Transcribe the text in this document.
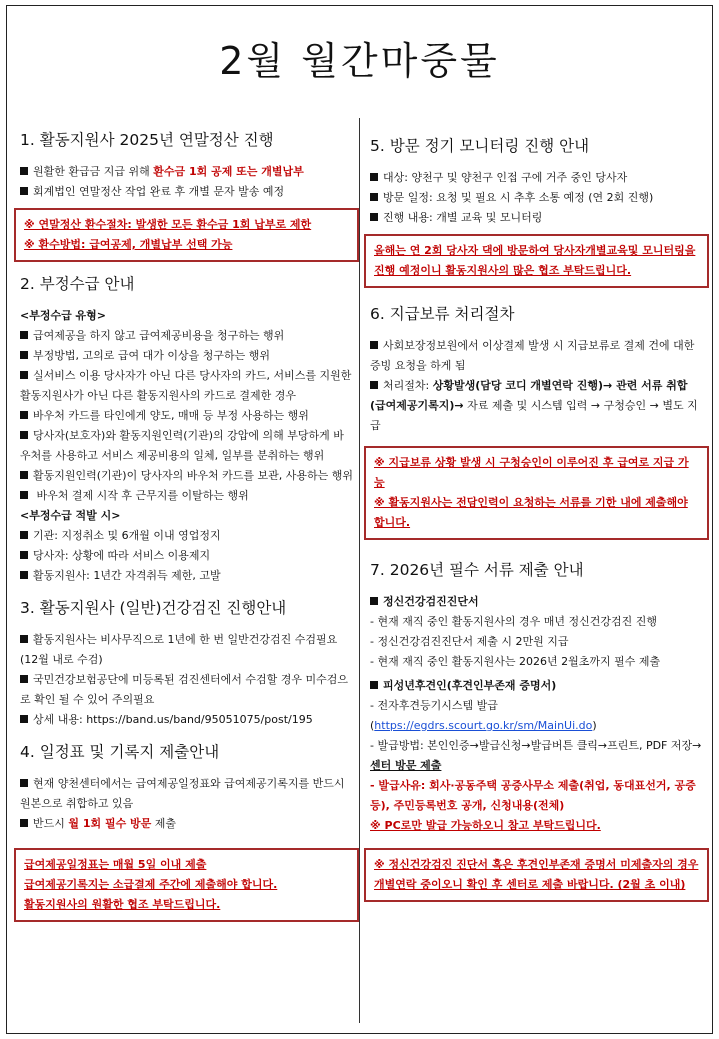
2월 월간마중물
1. 활동지원사 2025년 연말정산 진행
원활한 환급금 지급 위해 환수금 1회 공제 또는 개별납부
회계법인 연말정산 작업 완료 후 개별 문자 발송 예정
※ 연말정산 환수절차: 발생한 모든 환수금 1회 납부로 제한
※ 환수방법: 급여공제, 개별납부 선택 가능
2. 부정수급 안내
<부정수급 유형>
급여제공을 하지 않고 급여제공비용을 청구하는 행위
부정방법, 고의로 급여 대가 이상을 청구하는 행위
실서비스 이용 당사자가 아닌 다른 당사자의 카드, 서비스를 지원한 활동지원사가 아닌 다른 활동지원사의 카드로 결제한 경우
바우처 카드를 타인에게 양도, 매매 등 부정 사용하는 행위
당사자(보호자)와 활동지원인력(기관)의 강압에 의해 부당하게 바우처를 사용하고 서비스 제공비용의 일체, 일부를 분취하는 행위
활동지원인력(기관)이 당사자의 바우처 카드를 보관, 사용하는 행위
바우처 결제 시작 후 근무지를 이탈하는 행위
<부정수급 적발 시>
기관: 지정취소 및 6개월 이내 영업정지
당사자: 상황에 따라 서비스 이용제지
활동지원사: 1년간 자격취득 제한, 고발
3. 활동지원사 (일반)건강검진 진행안내
활동지원사는 비사무직으로 1년에 한 번 일반건강검진 수검필요(12월 내로 수검)
국민건강보험공단에 미등록된 검진센터에서 수검할 경우 미수검으로 확인 될 수 있어 주의필요
상세 내용: https://band.us/band/95051075/post/195
4. 일정표 및 기록지 제출안내
현재 양천센터에서는 급여제공일정표와 급여제공기록지를 반드시 원본으로 취합하고 있음
반드시 월 1회 필수 방문 제출
급여제공일정표는 매월 5일 이내 제출
급여제공기록지는 소급결제 주간에 제출해야 합니다.
활동지원사의 원활한 협조 부탁드립니다.
5. 방문 정기 모니터링 진행 안내
대상: 양천구 및 양천구 인접 구에 거주 중인 당사자
방문 일정: 요청 및 필요 시 추후 소통 예정 (연 2회 진행)
진행 내용: 개별 교육 및 모니터링
올해는 연 2회 당사자 댁에 방문하여 당사자개별교육및 모니터링을 진행 예정이니 활동지원사의 많은 협조 부탁드립니다.
6. 지급보류 처리절차
사회보장정보원에서 이상결제 발생 시 지급보류로 결제 건에 대한 증빙 요청을 하게 됨
처리절차: 상황발생(담당 코디 개별연락 진행)→ 관련 서류 취합(급여제공기록지)→ 자료 제출 및 시스템 입력 → 구청승인 → 별도 지급
※ 지급보류 상황 발생 시 구청승인이 이루어진 후 급여로 지급 가능
※ 활동지원사는 전담인력이 요청하는 서류를 기한 내에 제출해야 합니다.
7. 2026년 필수 서류 제출 안내
정신건강검진진단서
- 현재 재직 중인 활동지원사의 경우 매년 정신건강검진 진행
- 정신건강검진진단서 제출 시 2만원 지급
- 현재 재직 중인 활동지원사는 2026년 2월초까지 필수 제출
피성년후견인(후견인부존재 증명서)
- 전자후견등기시스템 발급
(https://egdrs.scourt.go.kr/sm/MainUi.do)
- 발급방법: 본인인증→발급신청→발급버튼 클릭→프린트, PDF 저장→센터 방문 제출
- 발급사유: 회사·공동주택 공증사무소 제출(취업, 동대표선거, 공증 등), 주민등록번호 공개, 신청내용(전체)
※ PC로만 발급 가능하오니 참고 부탁드립니다.
※ 정신건강검진 진단서 혹은 후견인부존재 증명서 미제출자의 경우 개별연락 중이오니 확인 후 센터로 제출 바랍니다. (2월 초 이내)
